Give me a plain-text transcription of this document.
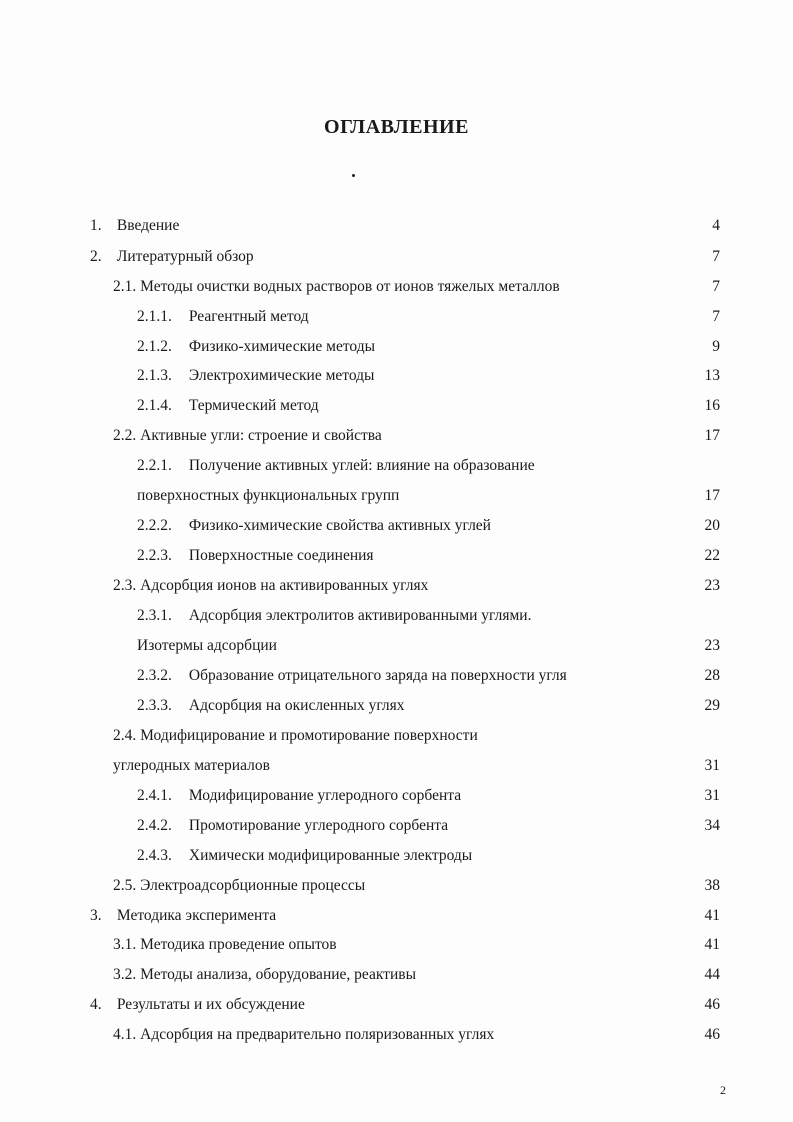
ОГЛАВЛЕНИЕ
1. Введение	4
2. Литературный обзор	7
2.1. Методы очистки водных растворов от ионов тяжелых металлов	7
2.1.1. Реагентный метод	7
2.1.2. Физико-химические методы	9
2.1.3. Электрохимические методы	13
2.1.4. Термический метод	16
2.2. Активные угли: строение и свойства	17
2.2.1. Получение активных углей: влияние на образование
поверхностных функциональных групп	17
2.2.2. Физико-химические свойства активных углей	20
2.2.3. Поверхностные соединения	22
2.3. Адсорбция ионов на активированных углях	23
2.3.1. Адсорбция электролитов активированными углями.
Изотермы адсорбции	23
2.3.2. Образование отрицательного заряда на поверхности угля	28
2.3.3. Адсорбция на окисленных углях	29
2.4. Модифицирование и промотирование поверхности
углеродных материалов	31
2.4.1. Модифицирование углеродного сорбента	31
2.4.2. Промотирование углеродного сорбента	34
2.4.3. Химически модифицированные электроды
2.5. Электроадсорбционные процессы	38
3. Методика эксперимента	41
3.1. Методика проведение опытов	41
3.2. Методы анализа, оборудование, реактивы	44
4. Результаты и их обсуждение	46
4.1. Адсорбция на предварительно поляризованных углях	46
2
